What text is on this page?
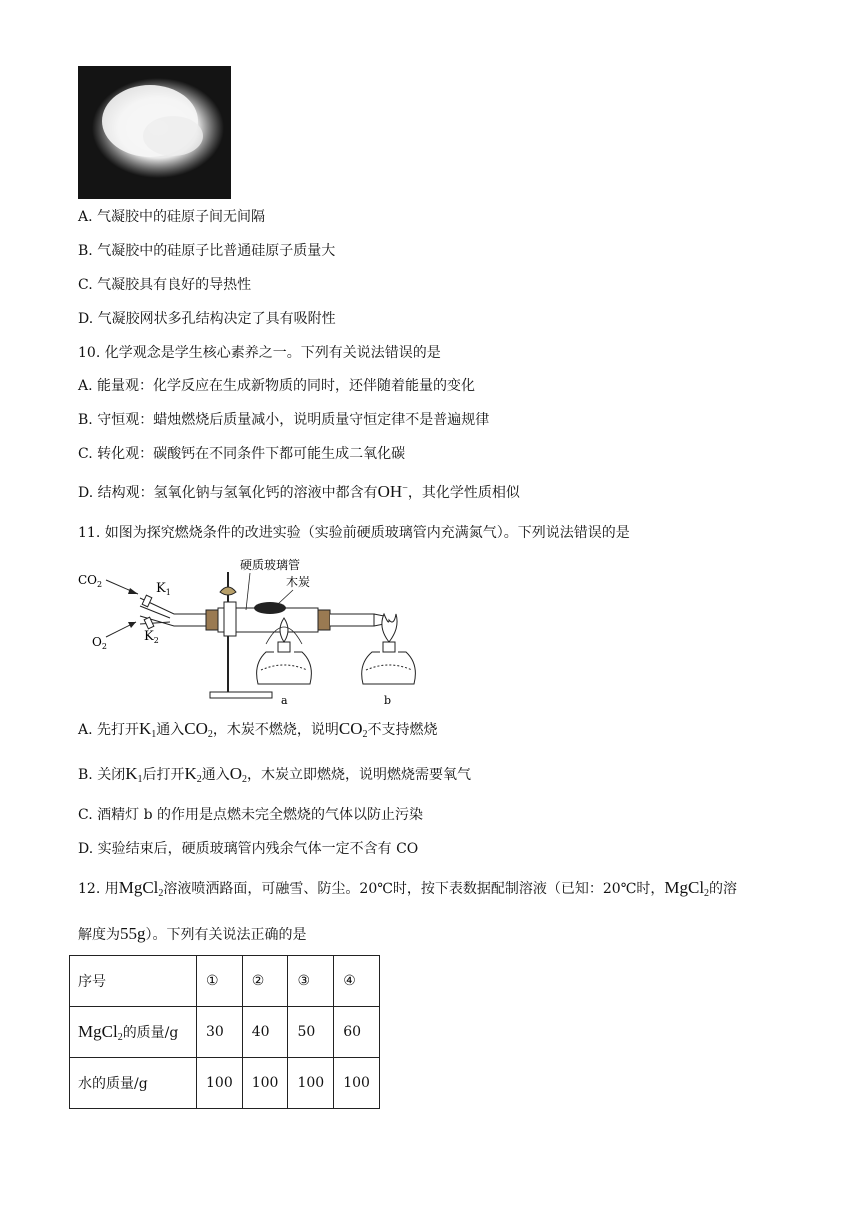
A. 气凝胶中的硅原子间无间隔
B. 气凝胶中的硅原子比普通硅原子质量大
C. 气凝胶具有良好的导热性
D. 气凝胶网状多孔结构决定了具有吸附性
10. 化学观念是学生核心素养之一。下列有关说法错误的是
A. 能量观：化学反应在生成新物质的同时，还伴随着能量的变化
B. 守恒观：蜡烛燃烧后质量减小，说明质量守恒定律不是普遍规律
C. 转化观：碳酸钙在不同条件下都可能生成二氧化碳
D. 结构观：氢氧化钠与氢氧化钙的溶液中都含有OH−，其化学性质相似
11. 如图为探究燃烧条件的改进实验（实验前硬质玻璃管内充满氮气）。下列说法错误的是
$CO_2$
$O_2$
$K_1$
$K_2$
硬质玻璃管
木炭
a	b
A. 先打开$K_1$通入$CO_2$，木炭不燃烧，说明$CO_2$不支持燃烧
B. 关闭$K_1$后打开$K_2$通入$O_2$，木炭立即燃烧，说明燃烧需要氧气
C. 酒精灯 b 的作用是点燃未完全燃烧的气体以防止污染
D. 实验结束后，硬质玻璃管内残余气体一定不含有 CO
12. 用MgCl$_2$溶液喷洒路面，可融雪、防尘。20℃时，按下表数据配制溶液（已知：20℃时，MgCl$_2$的溶
解度为55g）。下列有关说法正确的是
序号	①	②	③	④
MgCl$_2$的质量/g	30	40	50	60
水的质量/g	100	100	100	100
